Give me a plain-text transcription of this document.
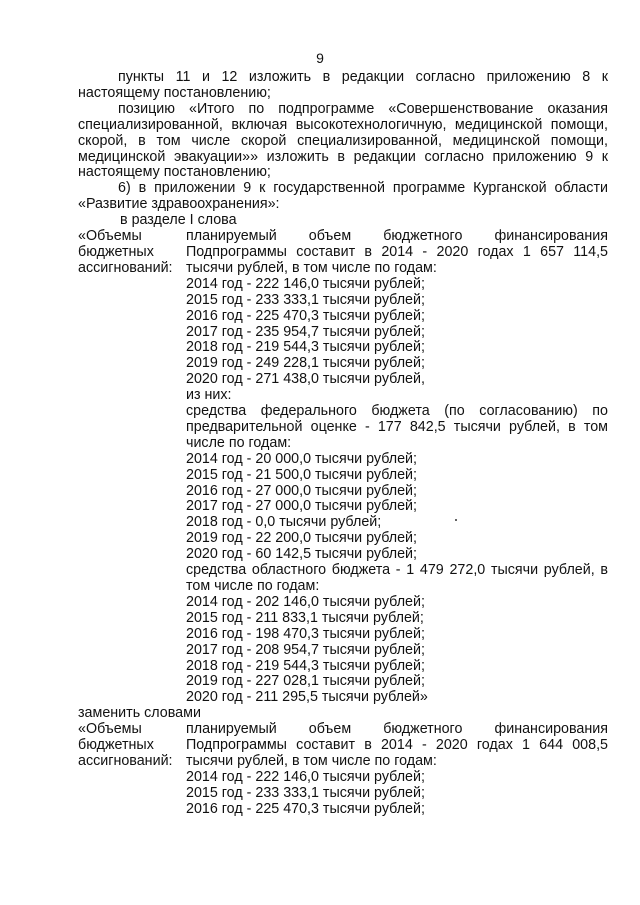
9

пункты 11 и 12 изложить в редакции согласно приложению 8 к настоящему постановлению;

позицию «Итого по подпрограмме «Совершенствование оказания специализированной, включая высокотехнологичную, медицинской помощи, скорой, в том числе скорой специализированной, медицинской помощи, медицинской эвакуации»» изложить в редакции согласно приложению 9 к настоящему постановлению;

6) в приложении 9 к государственной программе Курганской области «Развитие здравоохранения»:

в разделе I слова

«Объемы
бюджетных
ассигнований:
планируемый объем бюджетного финансирования Подпрограммы составит в 2014 - 2020 годах 1 657 114,5 тысячи рублей, в том числе по годам:
2014 год - 222 146,0 тысячи рублей;
2015 год - 233 333,1 тысячи рублей;
2016 год - 225 470,3 тысячи рублей;
2017 год - 235 954,7 тысячи рублей;
2018 год - 219 544,3 тысячи рублей;
2019 год - 249 228,1 тысячи рублей;
2020 год - 271 438,0 тысячи рублей,
из них:
средства федерального бюджета (по согласованию) по предварительной оценке - 177 842,5 тысячи рублей, в том числе по годам:
2014 год - 20 000,0 тысячи рублей;
2015 год - 21 500,0 тысячи рублей;
2016 год - 27 000,0 тысячи рублей;
2017 год - 27 000,0 тысячи рублей;
2018 год - 0,0 тысячи рублей;
2019 год - 22 200,0 тысячи рублей;
2020 год - 60 142,5 тысячи рублей;
средства областного бюджета - 1 479 272,0 тысячи рублей, в том числе по годам:
2014 год - 202 146,0 тысячи рублей;
2015 год - 211 833,1 тысячи рублей;
2016 год - 198 470,3 тысячи рублей;
2017 год - 208 954,7 тысячи рублей;
2018 год - 219 544,3 тысячи рублей;
2019 год - 227 028,1 тысячи рублей;
2020 год - 211 295,5 тысячи рублей»

заменить словами

«Объемы
бюджетных
ассигнований:
планируемый объем бюджетного финансирования Подпрограммы составит в 2014 - 2020 годах 1 644 008,5 тысячи рублей, в том числе по годам:
2014 год - 222 146,0 тысячи рублей;
2015 год - 233 333,1 тысячи рублей;
2016 год - 225 470,3 тысячи рублей;
